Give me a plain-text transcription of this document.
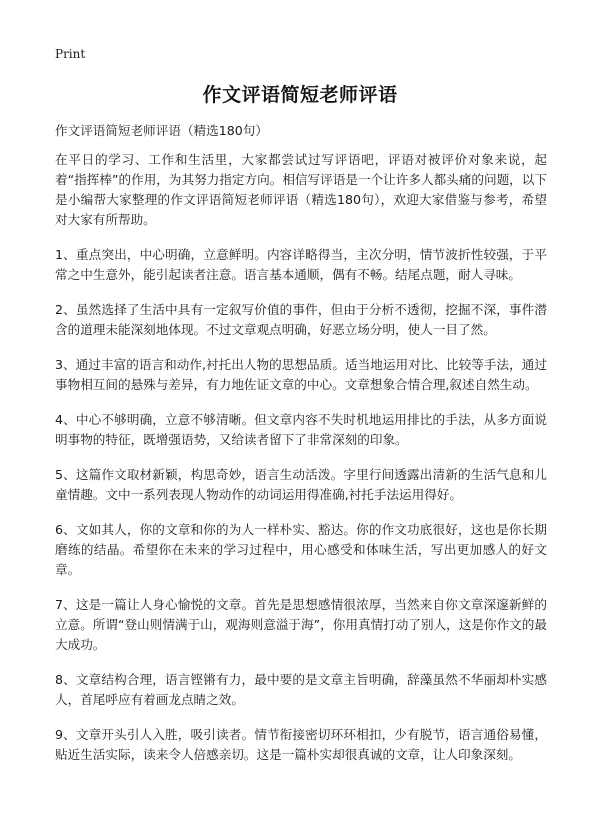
Print
作文评语简短老师评语
作文评语简短老师评语（精选180句）

在平日的学习、工作和生活里，大家都尝试过写评语吧，评语对被评价对象来说，起着“指挥棒”的作用，为其努力指定方向。相信写评语是一个让许多人都头痛的问题，以下是小编帮大家整理的作文评语简短老师评语（精选180句），欢迎大家借鉴与参考，希望对大家有所帮助。

1、重点突出，中心明确，立意鲜明。内容详略得当，主次分明，情节波折性较强，于平常之中生意外，能引起读者注意。语言基本通顺，偶有不畅。结尾点题，耐人寻味。

2、虽然选择了生活中具有一定叙写价值的事件，但由于分析不透彻，挖掘不深，事件潜含的道理未能深刻地体现。不过文章观点明确，好恶立场分明，使人一目了然。

3、通过丰富的语言和动作,衬托出人物的思想品质。适当地运用对比、比较等手法，通过事物相互间的悬殊与差异，有力地佐证文章的中心。文章想象合情合理,叙述自然生动。

4、中心不够明确，立意不够清晰。但文章内容不失时机地运用排比的手法，从多方面说明事物的特征，既增强语势，又给读者留下了非常深刻的印象。

5、这篇作文取材新颖，构思奇妙，语言生动活泼。字里行间透露出清新的生活气息和儿童情趣。文中一系列表现人物动作的动词运用得准确,衬托手法运用得好。

6、文如其人，你的文章和你的为人一样朴实、豁达。你的作文功底很好，这也是你长期磨练的结晶。希望你在未来的学习过程中，用心感受和体味生活，写出更加感人的好文章。

7、这是一篇让人身心愉悦的文章。首先是思想感情很浓厚，当然来自你文章深邃新鲜的立意。所谓“登山则情满于山，观海则意溢于海”，你用真情打动了别人，这是你作文的最大成功。

8、文章结构合理，语言铿锵有力，最中要的是文章主旨明确，辞藻虽然不华丽却朴实感人，首尾呼应有着画龙点睛之效。

9、文章开头引人入胜，吸引读者。情节衔接密切环环相扣，少有脱节，语言通俗易懂，贴近生活实际，读来令人倍感亲切。这是一篇朴实却很真诚的文章，让人印象深刻。
